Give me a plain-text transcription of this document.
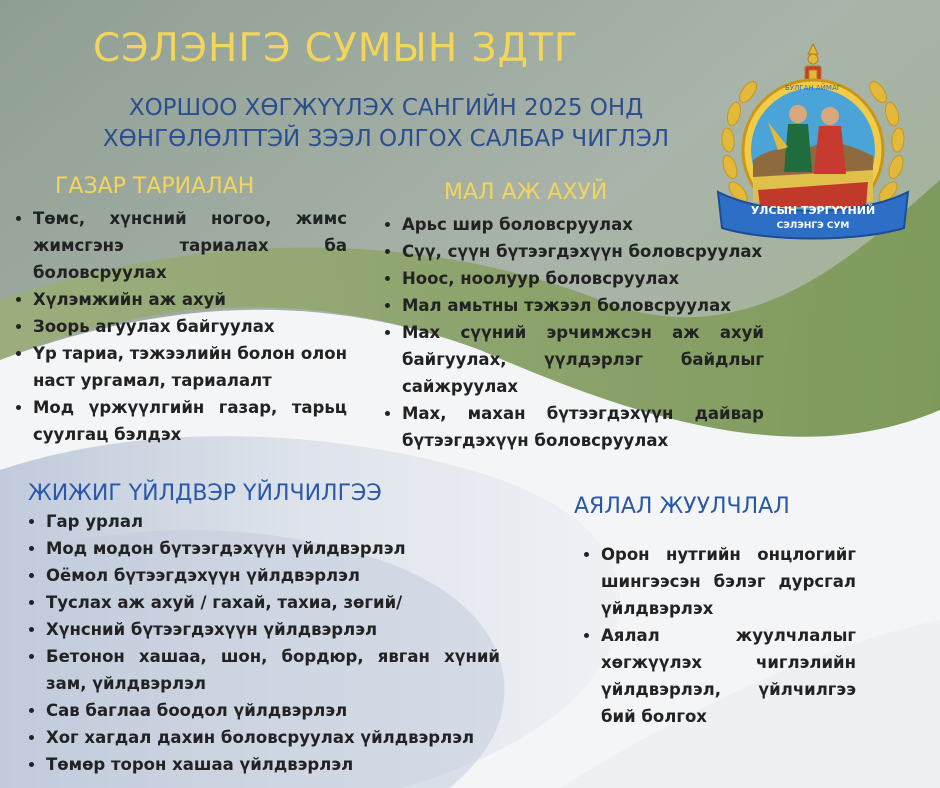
СЭЛЭНГЭ СУМЫН ЗДТГ
ХОРШОО ХӨГЖҮҮЛЭХ САНГИЙН 2025 ОНД
ХӨНГӨЛӨЛТТЭЙ ЗЭЭЛ ОЛГОХ САЛБАР ЧИГЛЭЛ
УЛСЫН ТЭРГҮҮНИЙ
СЭЛЭНГЭ СУМ
БУЛГАН АЙМАГ
ГАЗАР ТАРИАЛАН
• Төмс, хүнсний ногоо, жимс жимсгэнэ тариалах ба боловсруулах
• Хүлэмжийн аж ахуй
• Зоорь агуулах байгуулах
• Үр тариа, тэжээлийн болон олон наст ургамал, тариалалт
• Мод үржүүлгийн газар, тарьц суулгац бэлдэх
МАЛ АЖ АХУЙ
• Арьс шир боловсруулах
• Сүү, сүүн бүтээгдэхүүн боловсруулах
• Ноос, ноолуур боловсруулах
• Мал амьтны тэжээл боловсруулах
• Мах сүүний эрчимжсэн аж ахуй байгуулах, үүлдэрлэг байдлыг сайжруулах
• Мах, махан бүтээгдэхүүн дайвар бүтээгдэхүүн боловсруулах
ЖИЖИГ ҮЙЛДВЭР ҮЙЛЧИЛГЭЭ
• Гар урлал
• Мод модон бүтээгдэхүүн үйлдвэрлэл
• Оёмол бүтээгдэхүүн үйлдвэрлэл
• Туслах аж ахуй / гахай, тахиа, зөгий/
• Хүнсний бүтээгдэхүүн үйлдвэрлэл
• Бетонон хашаа, шон, бордюр, явган хүний зам, үйлдвэрлэл
• Сав баглаа боодол үйлдвэрлэл
• Хог хагдал дахин боловсруулах үйлдвэрлэл
• Төмөр торон хашаа үйлдвэрлэл
АЯЛАЛ ЖУУЛЧЛАЛ
• Орон нутгийн онцлогийг шингээсэн бэлэг дурсгал үйлдвэрлэх
• Аялал жуулчлалыг хөгжүүлэх чиглэлийн үйлдвэрлэл, үйлчилгээ бий болгох
